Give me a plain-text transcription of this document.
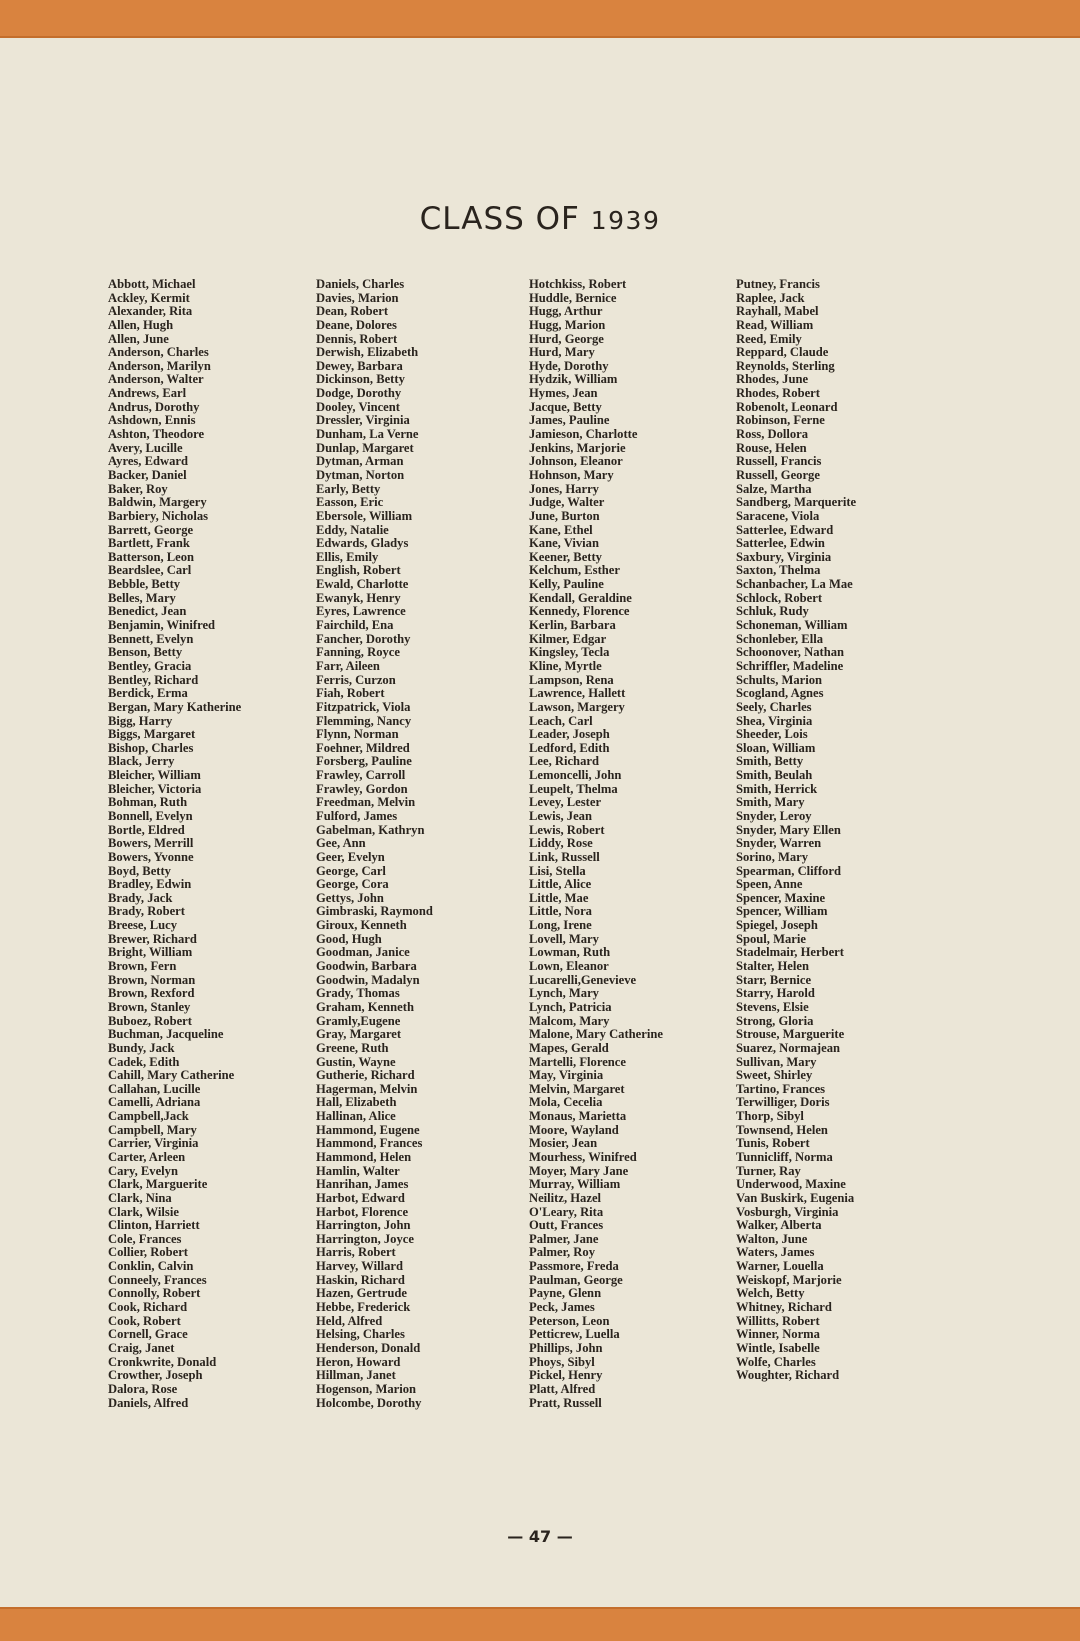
CLASS OF 1939
Abbott, Michael
Ackley, Kermit
Alexander, Rita
Allen, Hugh
Allen, June
Anderson, Charles
Anderson, Marilyn
Anderson, Walter
Andrews, Earl
Andrus, Dorothy
Ashdown, Ennis
Ashton, Theodore
Avery, Lucille
Ayres, Edward
Backer, Daniel
Baker, Roy
Baldwin, Margery
Barbiery, Nicholas
Barrett, George
Bartlett, Frank
Batterson, Leon
Beardslee, Carl
Bebble, Betty
Belles, Mary
Benedict, Jean
Benjamin, Winifred
Bennett, Evelyn
Benson, Betty
Bentley, Gracia
Bentley, Richard
Berdick, Erma
Bergan, Mary Katherine
Bigg, Harry
Biggs, Margaret
Bishop, Charles
Black, Jerry
Bleicher, William
Bleicher, Victoria
Bohman, Ruth
Bonnell, Evelyn
Bortle, Eldred
Bowers, Merrill
Bowers, Yvonne
Boyd, Betty
Bradley, Edwin
Brady, Jack
Brady, Robert
Breese, Lucy
Brewer, Richard
Bright, William
Brown, Fern
Brown, Norman
Brown, Rexford
Brown, Stanley
Buboez, Robert
Buchman, Jacqueline
Bundy, Jack
Cadek, Edith
Cahill, Mary Catherine
Callahan, Lucille
Camelli, Adriana
Campbell,Jack
Campbell, Mary
Carrier, Virginia
Carter, Arleen
Cary, Evelyn
Clark, Marguerite
Clark, Nina
Clark, Wilsie
Clinton, Harriett
Cole, Frances
Collier, Robert
Conklin, Calvin
Conneely, Frances
Connolly, Robert
Cook, Richard
Cook, Robert
Cornell, Grace
Craig, Janet
Cronkwrite, Donald
Crowther, Joseph
Dalora, Rose
Daniels, Alfred
Daniels, Charles
Davies, Marion
Dean, Robert
Deane, Dolores
Dennis, Robert
Derwish, Elizabeth
Dewey, Barbara
Dickinson, Betty
Dodge, Dorothy
Dooley, Vincent
Dressler, Virginia
Dunham, La Verne
Dunlap, Margaret
Dytman, Arman
Dytman, Norton
Early, Betty
Easson, Eric
Ebersole, William
Eddy, Natalie
Edwards, Gladys
Ellis, Emily
English, Robert
Ewald, Charlotte
Ewanyk, Henry
Eyres, Lawrence
Fairchild, Ena
Fancher, Dorothy
Fanning, Royce
Farr, Aileen
Ferris, Curzon
Fiah, Robert
Fitzpatrick, Viola
Flemming, Nancy
Flynn, Norman
Foehner, Mildred
Forsberg, Pauline
Frawley, Carroll
Frawley, Gordon
Freedman, Melvin
Fulford, James
Gabelman, Kathryn
Gee, Ann
Geer, Evelyn
George, Carl
George, Cora
Gettys, John
Gimbraski, Raymond
Giroux, Kenneth
Good, Hugh
Goodman, Janice
Goodwin, Barbara
Goodwin, Madalyn
Grady, Thomas
Graham, Kenneth
Gramly,Eugene
Gray, Margaret
Greene, Ruth
Gustin, Wayne
Gutherie, Richard
Hagerman, Melvin
Hall, Elizabeth
Hallinan, Alice
Hammond, Eugene
Hammond, Frances
Hammond, Helen
Hamlin, Walter
Hanrihan, James
Harbot, Edward
Harbot, Florence
Harrington, John
Harrington, Joyce
Harris, Robert
Harvey, Willard
Haskin, Richard
Hazen, Gertrude
Hebbe, Frederick
Held, Alfred
Helsing, Charles
Henderson, Donald
Heron, Howard
Hillman, Janet
Hogenson, Marion
Holcombe, Dorothy
Hotchkiss, Robert
Huddle, Bernice
Hugg, Arthur
Hugg, Marion
Hurd, George
Hurd, Mary
Hyde, Dorothy
Hydzik, William
Hymes, Jean
Jacque, Betty
James, Pauline
Jamieson, Charlotte
Jenkins, Marjorie
Johnson, Eleanor
Hohnson, Mary
Jones, Harry
Judge, Walter
June, Burton
Kane, Ethel
Kane, Vivian
Keener, Betty
Kelchum, Esther
Kelly, Pauline
Kendall, Geraldine
Kennedy, Florence
Kerlin, Barbara
Kilmer, Edgar
Kingsley, Tecla
Kline, Myrtle
Lampson, Rena
Lawrence, Hallett
Lawson, Margery
Leach, Carl
Leader, Joseph
Ledford, Edith
Lee, Richard
Lemoncelli, John
Leupelt, Thelma
Levey, Lester
Lewis, Jean
Lewis, Robert
Liddy, Rose
Link, Russell
Lisi, Stella
Little, Alice
Little, Mae
Little, Nora
Long, Irene
Lovell, Mary
Lowman, Ruth
Lown, Eleanor
Lucarelli,Genevieve
Lynch, Mary
Lynch, Patricia
Malcom, Mary
Malone, Mary Catherine
Mapes, Gerald
Martelli, Florence
May, Virginia
Melvin, Margaret
Mola, Cecelia
Monaus, Marietta
Moore, Wayland
Mosier, Jean
Mourhess, Winifred
Moyer, Mary Jane
Murray, William
Neilitz, Hazel
O'Leary, Rita
Outt, Frances
Palmer, Jane
Palmer, Roy
Passmore, Freda
Paulman, George
Payne, Glenn
Peck, James
Peterson, Leon
Petticrew, Luella
Phillips, John
Phoys, Sibyl
Pickel, Henry
Platt, Alfred
Pratt, Russell
Putney, Francis
Raplee, Jack
Rayhall, Mabel
Read, William
Reed, Emily
Reppard, Claude
Reynolds, Sterling
Rhodes, June
Rhodes, Robert
Robenolt, Leonard
Robinson, Ferne
Ross, Dollora
Rouse, Helen
Russell, Francis
Russell, George
Salze, Martha
Sandberg, Marquerite
Saracene, Viola
Satterlee, Edward
Satterlee, Edwin
Saxbury, Virginia
Saxton, Thelma
Schanbacher, La Mae
Schlock, Robert
Schluk, Rudy
Schoneman, William
Schonleber, Ella
Schoonover, Nathan
Schriffler, Madeline
Schults, Marion
Scogland, Agnes
Seely, Charles
Shea, Virginia
Sheeder, Lois
Sloan, William
Smith, Betty
Smith, Beulah
Smith, Herrick
Smith, Mary
Snyder, Leroy
Snyder, Mary Ellen
Snyder, Warren
Sorino, Mary
Spearman, Clifford
Speen, Anne
Spencer, Maxine
Spencer, William
Spiegel, Joseph
Spoul, Marie
Stadelmair, Herbert
Stalter, Helen
Starr, Bernice
Starry, Harold
Stevens, Elsie
Strong, Gloria
Strouse, Marguerite
Suarez, Normajean
Sullivan, Mary
Sweet, Shirley
Tartino, Frances
Terwilliger, Doris
Thorp, Sibyl
Townsend, Helen
Tunis, Robert
Tunnicliff, Norma
Turner, Ray
Underwood, Maxine
Van Buskirk, Eugenia
Vosburgh, Virginia
Walker, Alberta
Walton, June
Waters, James
Warner, Louella
Weiskopf, Marjorie
Welch, Betty
Whitney, Richard
Willitts, Robert
Winner, Norma
Wintle, Isabelle
Wolfe, Charles
Woughter, Richard
— 47 —
